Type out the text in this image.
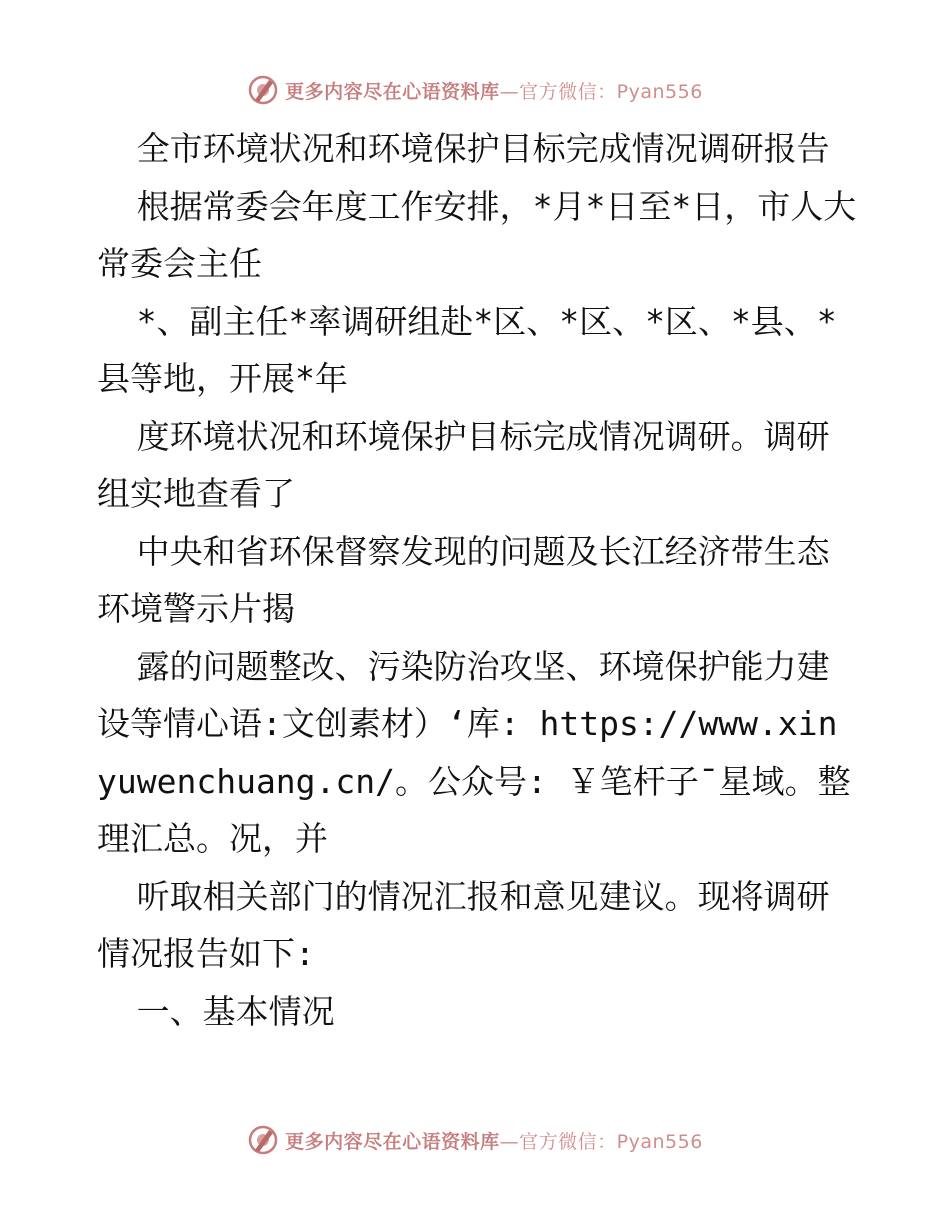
更多内容尽在心语资料库—官方微信：Pyan556

全市环境状况和环境保护目标完成情况调研报告

根据常委会年度工作安排，*月*日至*日，市人大常委会主任

*、副主任*率调研组赴*区、*区、*区、*县、*县等地，开展*年

度环境状况和环境保护目标完成情况调研。调研组实地查看了

中央和省环保督察发现的问题及长江经济带生态环境警示片揭

露的问题整改、污染防治攻坚、环境保护能力建设等情心语:文创素材）‘库: https://www.xinyuwenchuang.cn/。公众号: ￥笔杆子¯星域。整理汇总。况，并

听取相关部门的情况汇报和意见建议。现将调研情况报告如下:

一、基本情况

更多内容尽在心语资料库—官方微信：Pyan556
